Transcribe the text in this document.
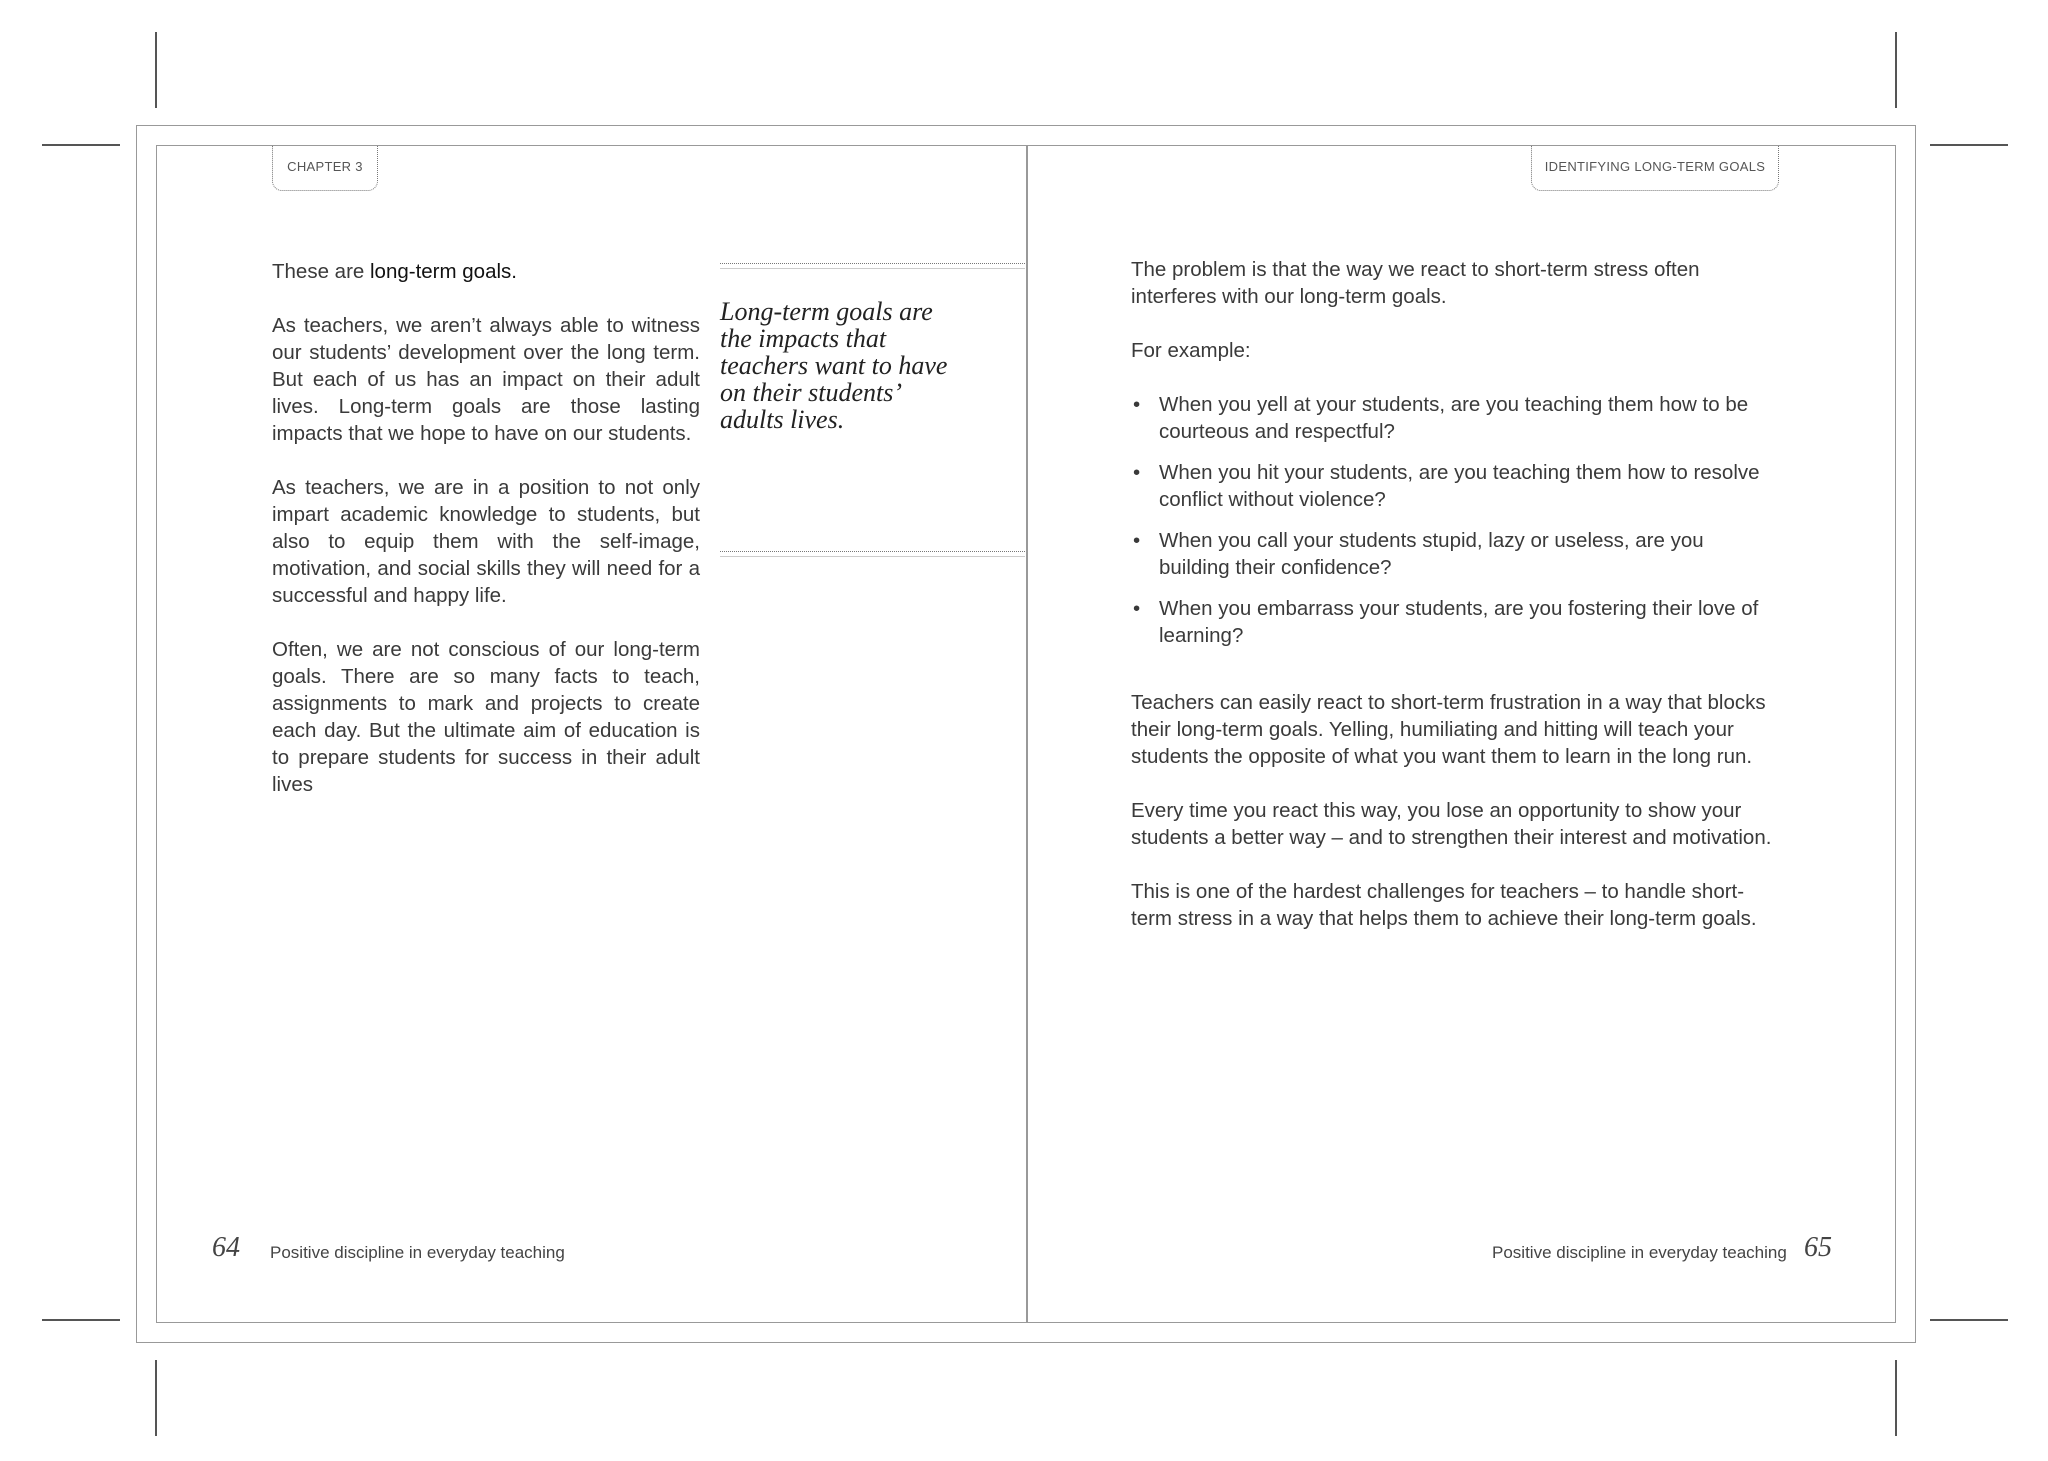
CHAPTER 3	IDENTIFYING LONG-TERM GOALS

These are long-term goals.

As teachers, we aren’t always able to witness our students’ development over the long term. But each of us has an impact on their adult lives. Long-term goals are those lasting impacts that we hope to have on our students.

As teachers, we are in a position to not only impart academic knowledge to students, but also to equip them with the self-image, motivation, and social skills they will need for a successful and happy life.

Often, we are not conscious of our long-term goals. There are so many facts to teach, assignments to mark and projects to create each day. But the ultimate aim of education is to prepare students for success in their adult lives

Long-term goals are the impacts that teachers want to have on their students’ adults lives.

The problem is that the way we react to short-term stress often interferes with our long-term goals.

For example:

• When you yell at your students, are you teaching them how to be courteous and respectful?
• When you hit your students, are you teaching them how to resolve conflict without violence?
• When you call your students stupid, lazy or useless, are you building their confidence?
• When you embarrass your students, are you fostering their love of learning?

Teachers can easily react to short-term frustration in a way that blocks their long-term goals. Yelling, humiliating and hitting will teach your students the opposite of what you want them to learn in the long run.

Every time you react this way, you lose an opportunity to show your students a better way – and to strengthen their interest and motivation.

This is one of the hardest challenges for teachers – to handle short-term stress in a way that helps them to achieve their long-term goals.

64 Positive discipline in everyday teaching	Positive discipline in everyday teaching 65
